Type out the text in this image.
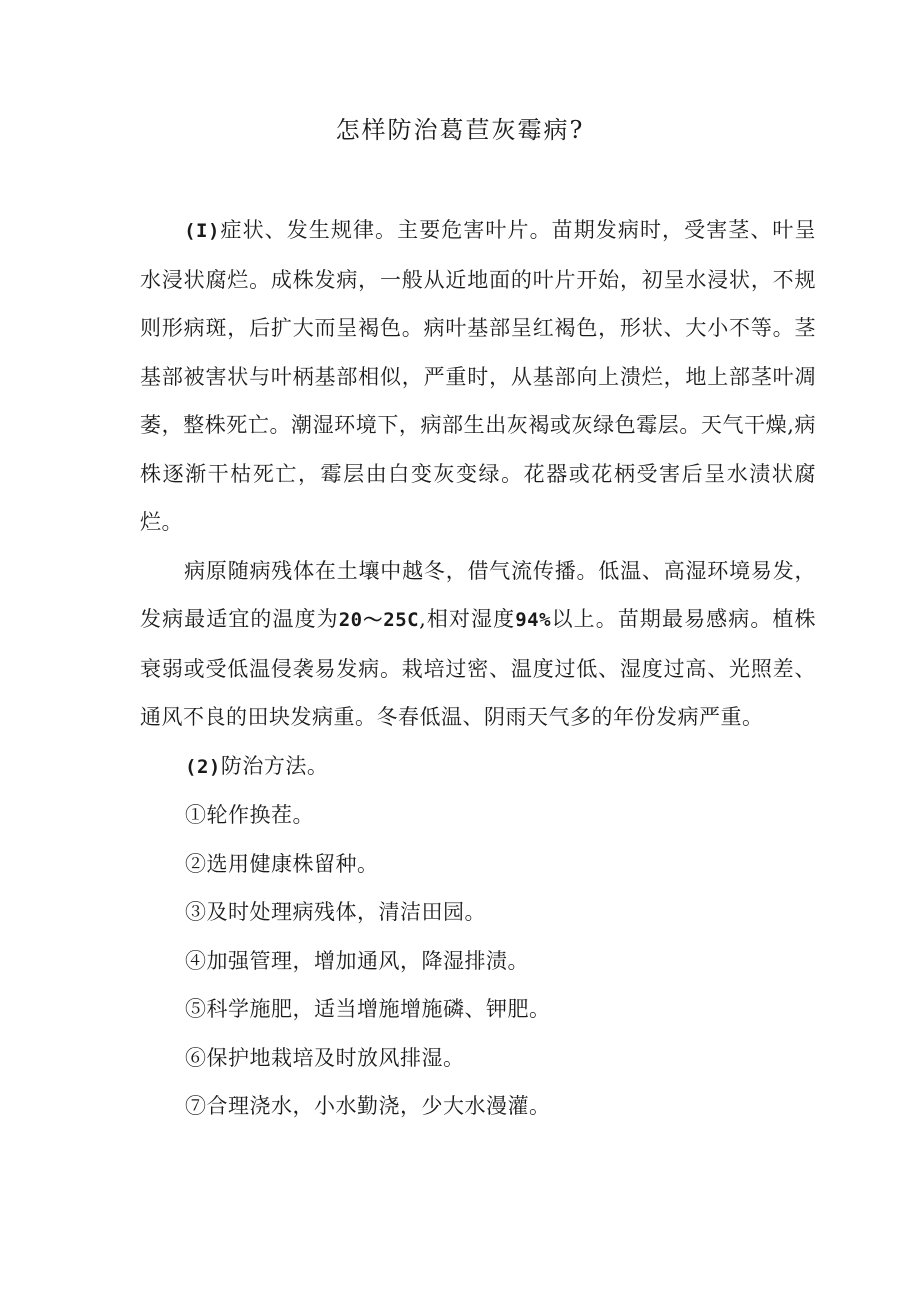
怎样防治葛苣灰霉病?

(I)症状、发生规律。主要危害叶片。苗期发病时，受害茎、叶呈水浸状腐烂。成株发病，一般从近地面的叶片开始，初呈水浸状，不规则形病斑，后扩大而呈褐色。病叶基部呈红褐色，形状、大小不等。茎基部被害状与叶柄基部相似，严重时，从基部向上溃烂，地上部茎叶凋萎，整株死亡。潮湿环境下，病部生出灰褐或灰绿色霉层。天气干燥,病株逐渐干枯死亡，霉层由白变灰变绿。花器或花柄受害后呈水渍状腐烂。

病原随病残体在土壤中越冬，借气流传播。低温、高湿环境易发，发病最适宜的温度为20～25C,相对湿度94%以上。苗期最易感病。植株衰弱或受低温侵袭易发病。栽培过密、温度过低、湿度过高、光照差、通风不良的田块发病重。冬春低温、阴雨天气多的年份发病严重。

(2)防治方法。

①轮作换茬。

②选用健康株留种。

③及时处理病残体，清洁田园。

④加强管理，增加通风，降湿排渍。

⑤科学施肥，适当增施增施磷、钾肥。

⑥保护地栽培及时放风排湿。

⑦合理浇水，小水勤浇，少大水漫灌。
